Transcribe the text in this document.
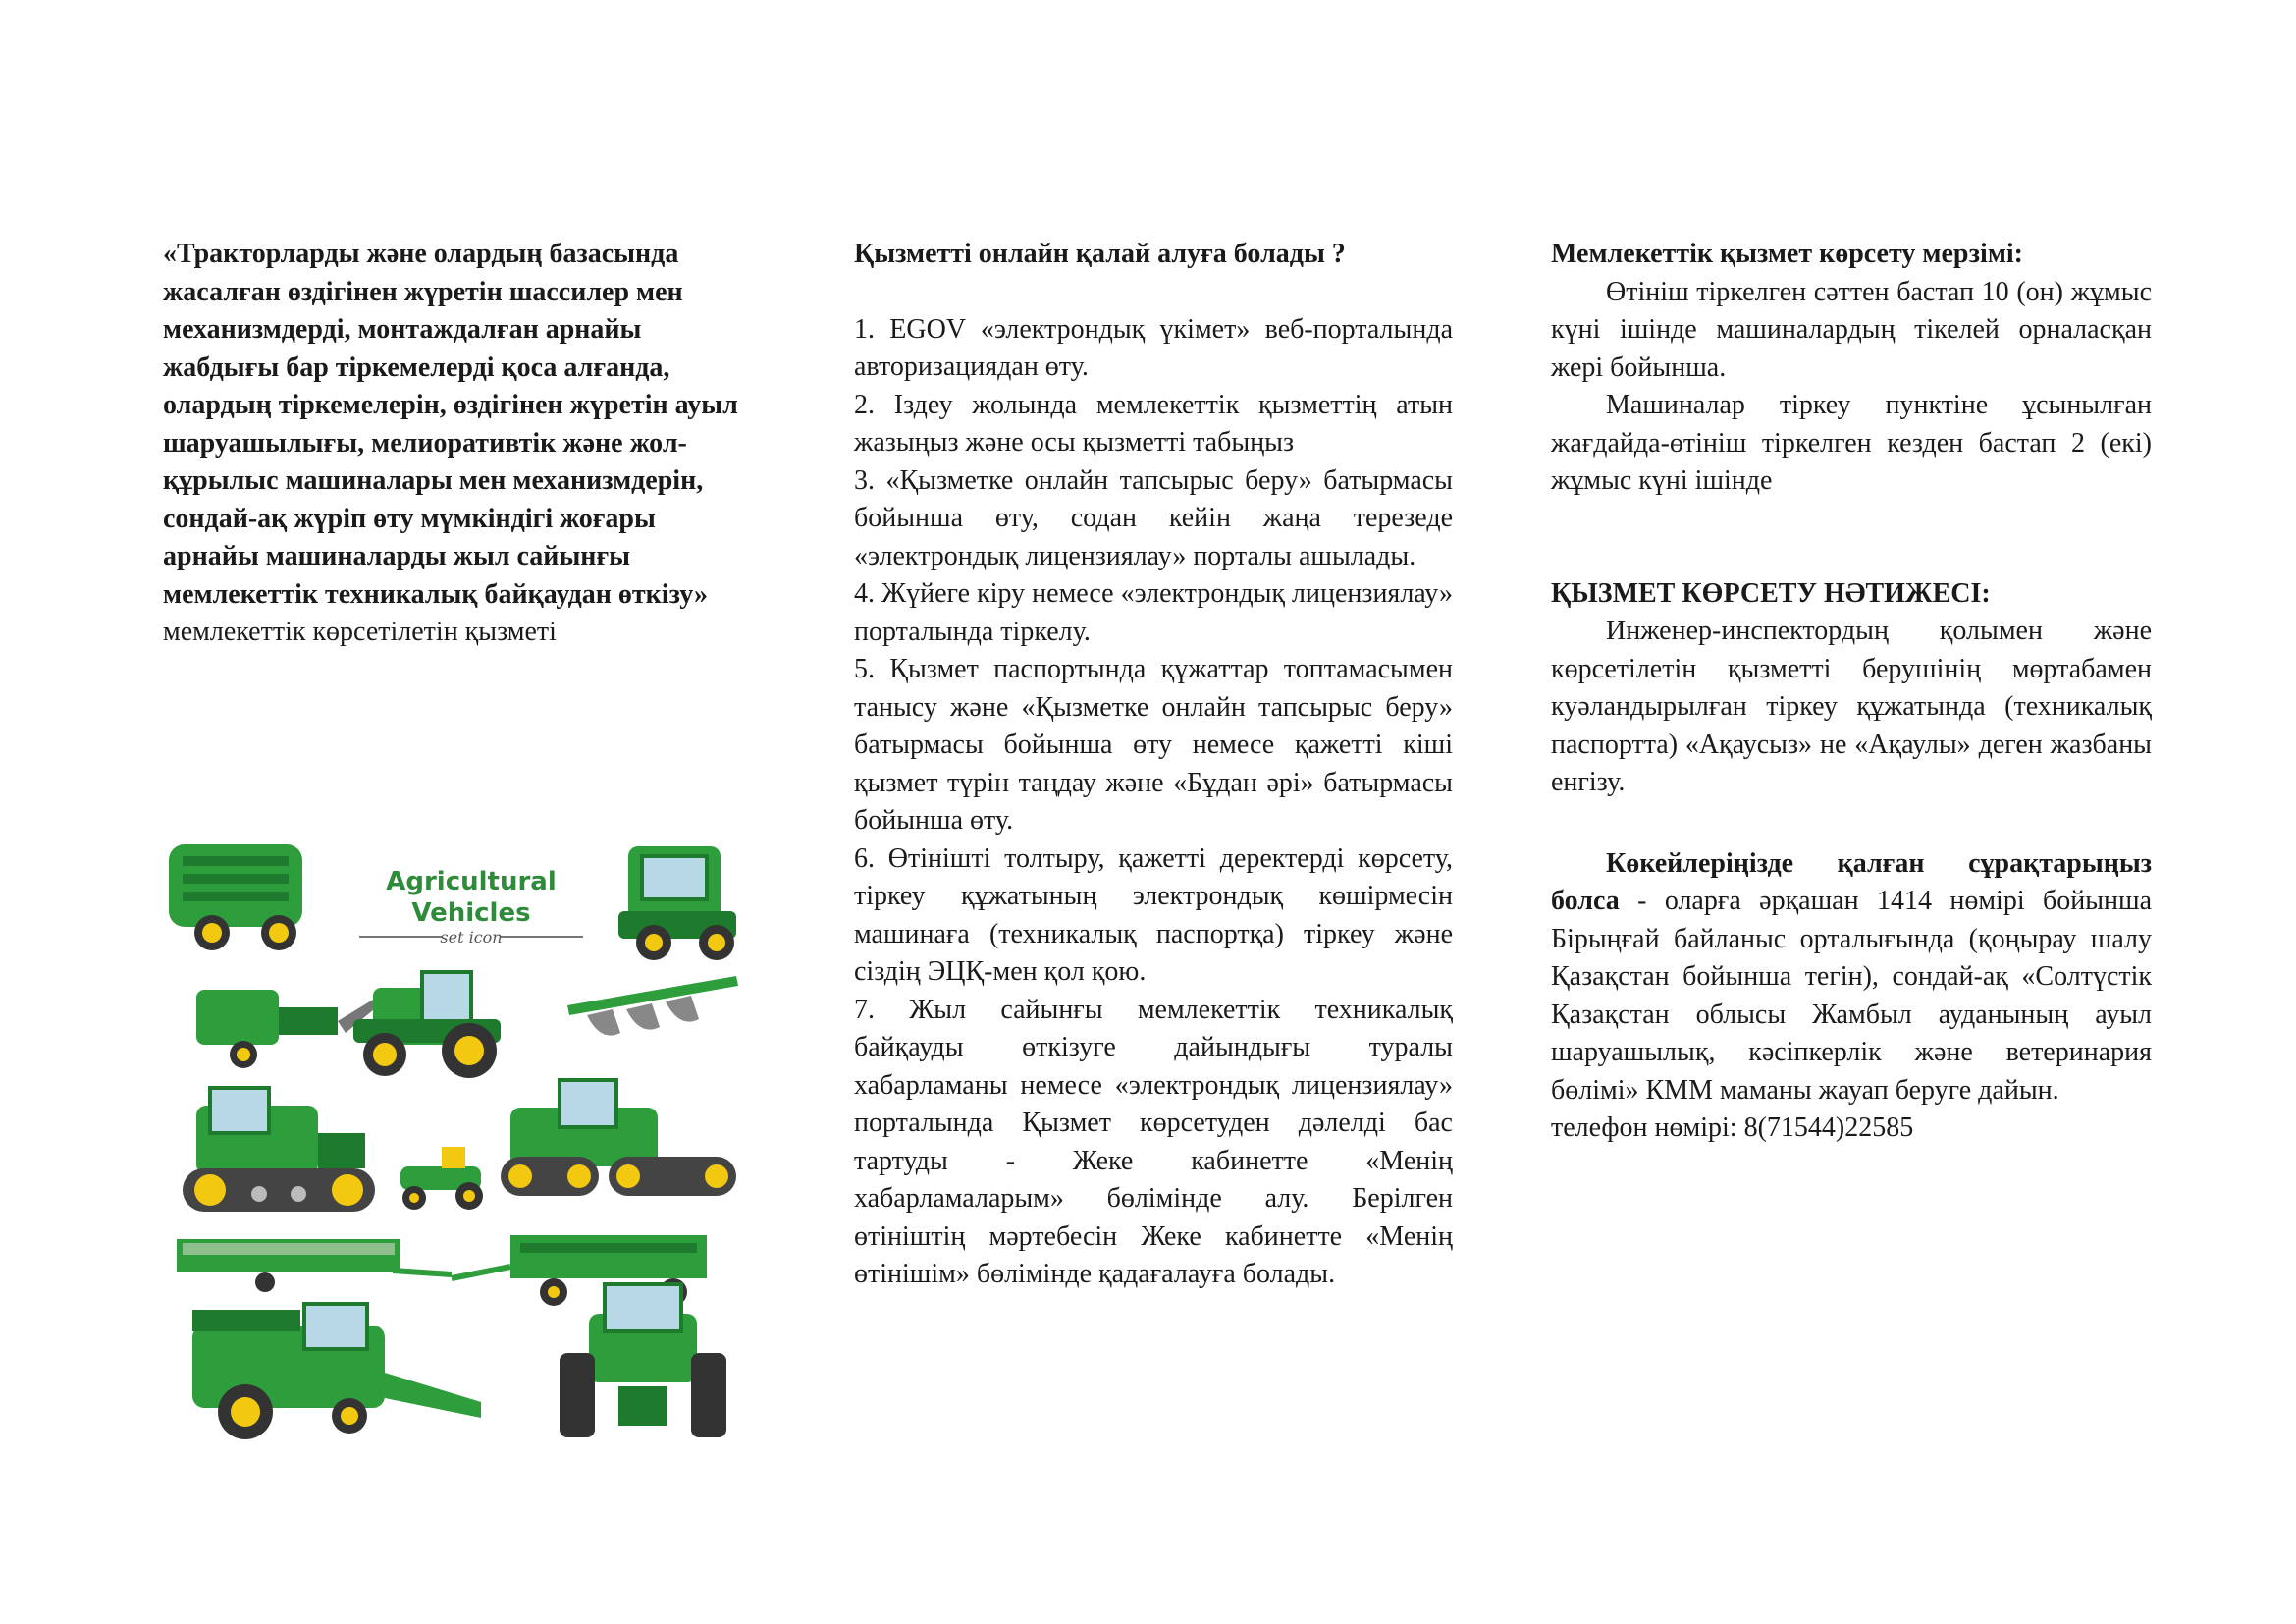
«Тракторларды және олардың базасында жасалған өздігінен жүретін шассилер мен механизмдерді, монтаждалған арнайы жабдығы бар тіркемелерді қоса алғанда, олардың тіркемелерін, өздігінен жүретін ауыл шаруашылығы, мелиоративтік және жол-құрылыс машиналары мен механизмдерін, сондай-ақ жүріп өту мүмкіндігі жоғары арнайы машиналарды жыл сайынғы мемлекеттік техникалық байқаудан өткізу» мемлекеттік көрсетілетін қызметі

Agricultural
Vehicles
set icon

Қызметті онлайн қалай алуға болады ?

1. EGOV «электрондық үкімет» веб-порталында авторизациядан өту.

2. Іздеу жолында мемлекеттік қызметтің атын жазыңыз және осы қызметті табыңыз

3. «Қызметке онлайн тапсырыс беру» батырмасы бойынша өту, содан кейін жаңа терезеде «электрондық лицензиялау» порталы ашылады.

4. Жүйеге кіру немесе «электрондық лицензиялау» порталында тіркелу.

5. Қызмет паспортында құжаттар топтамасымен танысу және «Қызметке онлайн тапсырыс беру» батырмасы бойынша өту немесе қажетті кіші қызмет түрін таңдау және «Бұдан әрі» батырмасы бойынша өту.

6. Өтінішті толтыру, қажетті деректерді көрсету, тіркеу құжатының электрондық көшірмесін машинаға (техникалық паспортқа) тіркеу және сіздің ЭЦҚ-мен қол қою.

7. Жыл сайынғы мемлекеттік техникалық байқауды өткізуге дайындығы туралы хабарламаны немесе «электрондық лицензиялау» порталында Қызмет көрсетуден дәлелді бас тартуды - Жеке кабинетте «Менің хабарламаларым» бөлімінде алу. Берілген өтініштің мәртебесін Жеке кабинетте «Менің өтінішім» бөлімінде қадағалауға болады.

Мемлекеттік қызмет көрсету мерзімі:

Өтініш тіркелген сәттен бастап 10 (он) жұмыс күні ішінде машиналардың тікелей орналасқан жері бойынша.

Машиналар тіркеу пунктіне ұсынылған жағдайда-өтініш тіркелген кезден бастап 2 (екі) жұмыс күні ішінде

ҚЫЗМЕТ КӨРСЕТУ НӘТИЖЕСІ:

Инженер-инспектордың қолымен және көрсетілетін қызметті берушінің мөртабамен куәландырылған тіркеу құжатында (техникалық паспортта) «Ақаусыз» не «Ақаулы» деген жазбаны енгізу.

Көкейлеріңізде қалған сұрақтарыңыз болса - оларға әрқашан 1414 нөмірі бойынша Бірыңғай байланыс орталығында (қоңырау шалу Қазақстан бойынша тегін), сондай-ақ «Солтүстік Қазақстан облысы Жамбыл ауданының ауыл шаруашылық, кәсіпкерлік және ветеринария бөлімі» КММ маманы жауап беруге дайын.

телефон нөмірі: 8(71544)22585
